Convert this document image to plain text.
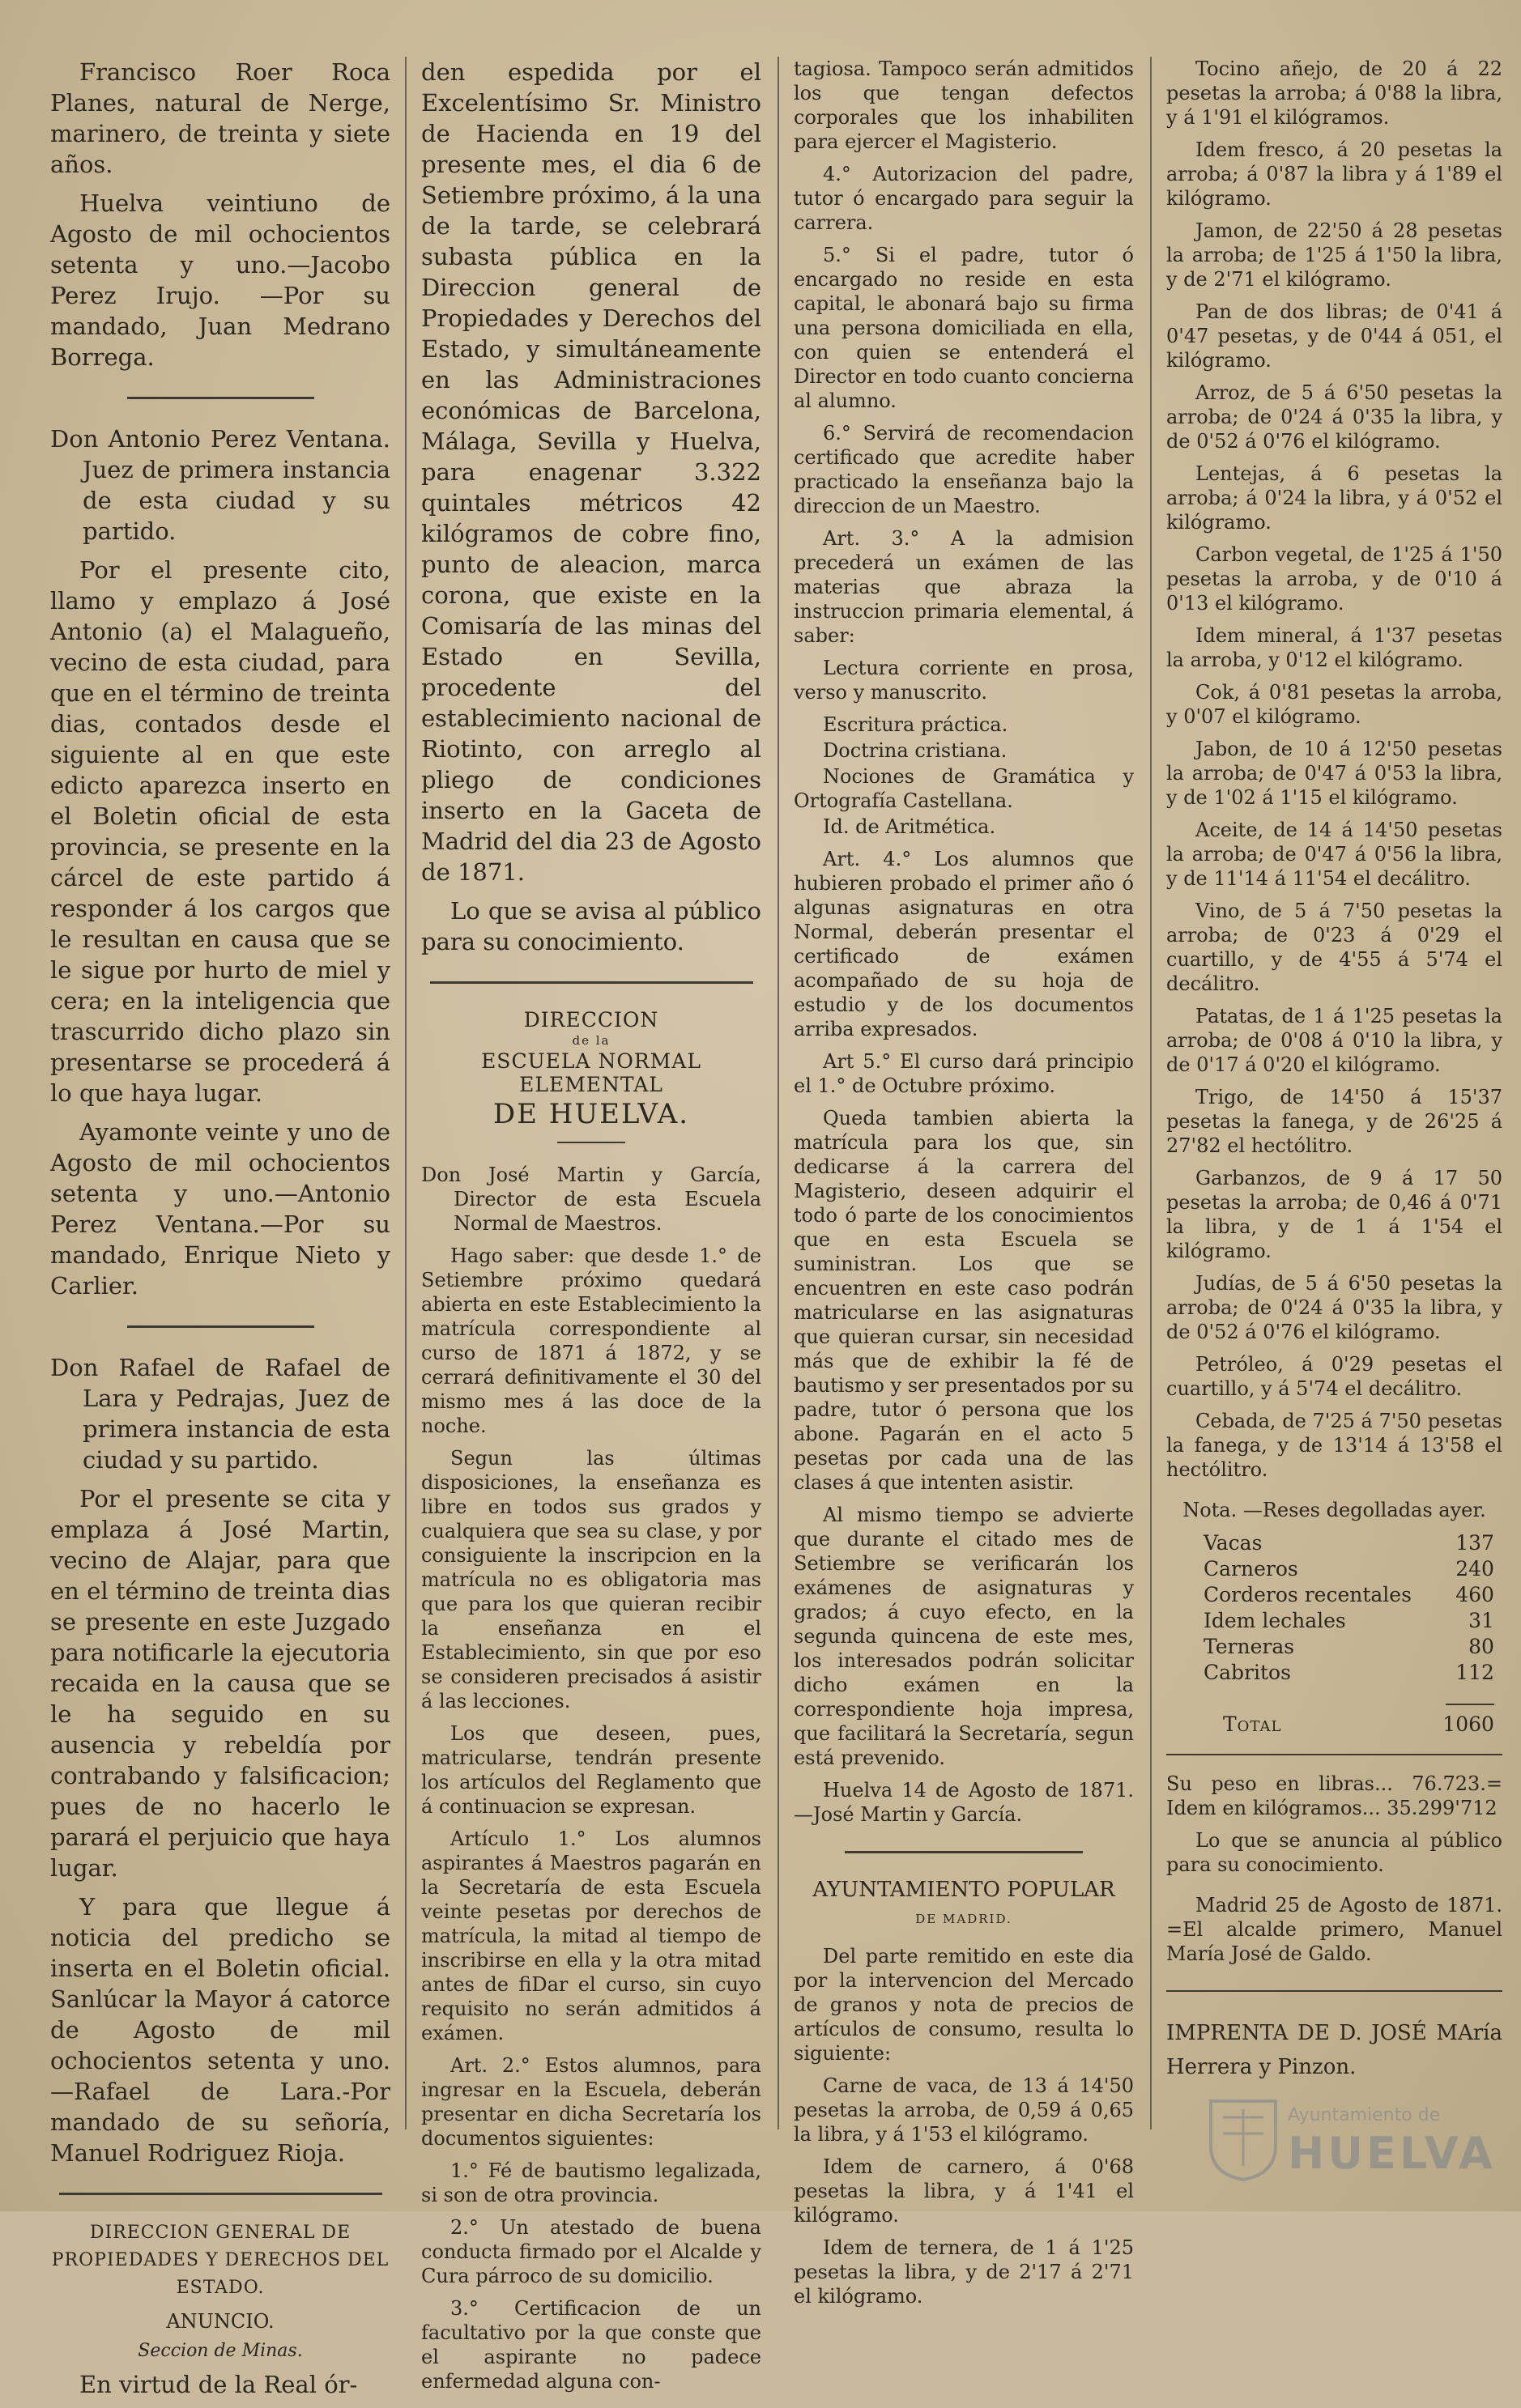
Francisco Roer Roca Planes, natural de Nerge, marinero, de treinta y siete años.

Huelva veintiuno de Agosto de mil ochocientos setenta y uno.—Jacobo Perez Irujo. —Por su mandado, Juan Medrano Borrega.

Don Antonio Perez Ventana. Juez de primera instancia de esta ciudad y su partido.

Por el presente cito, llamo y emplazo á José Antonio (a) el Malagueño, vecino de esta ciudad, para que en el término de treinta dias, contados desde el siguiente al en que este edicto aparezca inserto en el Boletin oficial de esta provincia, se presente en la cárcel de este partido á responder á los cargos que le resultan en causa que se le sigue por hurto de miel y cera; en la inteligencia que trascurrido dicho plazo sin presentarse se procederá á lo que haya lugar.

Ayamonte veinte y uno de Agosto de mil ochocientos setenta y uno.—Antonio Perez Ventana.—Por su mandado, Enrique Nieto y Carlier.

Don Rafael de Rafael de Lara y Pedrajas, Juez de primera instancia de esta ciudad y su partido.

Por el presente se cita y emplaza á José Martin, vecino de Alajar, para que en el término de treinta dias se presente en este Juzgado para notificarle la ejecutoria recaida en la causa que se le ha seguido en su ausencia y rebeldía por contrabando y falsificacion; pues de no hacerlo le parará el perjuicio que haya lugar.

Y para que llegue á noticia del predicho se inserta en el Boletin oficial. Sanlúcar la Mayor á catorce de Agosto de mil ochocientos setenta y uno. —Rafael de Lara.-Por mandado de su señoría, Manuel Rodriguez Rioja.

DIRECCION GENERAL DE PROPIEDADES Y DERECHOS DEL ESTADO.

ANUNCIO.

Seccion de Minas.

En virtud de la Real ór-

den espedida por el Excelentísimo Sr. Ministro de Hacienda en 19 del presente mes, el dia 6 de Setiembre próximo, á la una de la tarde, se celebrará subasta pública en la Direccion general de Propiedades y Derechos del Estado, y simultáneamente en las Administraciones económicas de Barcelona, Málaga, Sevilla y Huelva, para enagenar 3.322 quintales métricos 42 kilógramos de cobre fino, punto de aleacion, marca corona, que existe en la Comisaría de las minas del Estado en Sevilla, procedente del establecimiento nacional de Riotinto, con arreglo al pliego de condiciones inserto en la Gaceta de Madrid del dia 23 de Agosto de 1871.

Lo que se avisa al público para su conocimiento.

DIRECCION

de la

ESCUELA NORMAL ELEMENTAL

DE HUELVA.

Don José Martin y García, Director de esta Escuela Normal de Maestros.

Hago saber: que desde 1.° de Setiembre próximo quedará abierta en este Establecimiento la matrícula correspondiente al curso de 1871 á 1872, y se cerrará definitivamente el 30 del mismo mes á las doce de la noche.

Segun las últimas disposiciones, la enseñanza es libre en todos sus grados y cualquiera que sea su clase, y por consiguiente la inscripcion en la matrícula no es obligatoria mas que para los que quieran recibir la enseñanza en el Establecimiento, sin que por eso se consideren precisados á asistir á las lecciones.

Los que deseen, pues, matricularse, tendrán presente los artículos del Reglamento que á continuacion se expresan.

Artículo 1.° Los alumnos aspirantes á Maestros pagarán en la Secretaría de esta Escuela veinte pesetas por derechos de matrícula, la mitad al tiempo de inscribirse en ella y la otra mitad antes de fiDar el curso, sin cuyo requisito no serán admitidos á exámen.

Art. 2.° Estos alumnos, para ingresar en la Escuela, deberán presentar en dicha Secretaría los documentos siguientes:

1.° Fé de bautismo legalizada, si son de otra provincia.

2.° Un atestado de buena conducta firmado por el Alcalde y Cura párroco de su domicilio.

3.° Certificacion de un facultativo por la que conste que el aspirante no padece enfermedad alguna con-

tagiosa. Tampoco serán admitidos los que tengan defectos corporales que los inhabiliten para ejercer el Magisterio.

4.° Autorizacion del padre, tutor ó encargado para seguir la carrera.

5.° Si el padre, tutor ó encargado no reside en esta capital, le abonará bajo su firma una persona domiciliada en ella, con quien se entenderá el Director en todo cuanto concierna al alumno.

6.° Servirá de recomendacion certificado que acredite haber practicado la enseñanza bajo la direccion de un Maestro.

Art. 3.° A la admision precederá un exámen de las materias que abraza la instruccion primaria elemental, á saber:

Lectura corriente en prosa, verso y manuscrito.

Escritura práctica.

Doctrina cristiana.

Nociones de Gramática y Ortografía Castellana.

Id. de Aritmética.

Art. 4.° Los alumnos que hubieren probado el primer año ó algunas asignaturas en otra Normal, deberán presentar el certificado de exámen acompañado de su hoja de estudio y de los documentos arriba expresados.

Art 5.° El curso dará principio el 1.° de Octubre próximo.

Queda tambien abierta la matrícula para los que, sin dedicarse á la carrera del Magisterio, deseen adquirir el todo ó parte de los conocimientos que en esta Escuela se suministran. Los que se encuentren en este caso podrán matricularse en las asignaturas que quieran cursar, sin necesidad más que de exhibir la fé de bautismo y ser presentados por su padre, tutor ó persona que los abone. Pagarán en el acto 5 pesetas por cada una de las clases á que intenten asistir.

Al mismo tiempo se advierte que durante el citado mes de Setiembre se verificarán los exámenes de asignaturas y grados; á cuyo efecto, en la segunda quincena de este mes, los interesados podrán solicitar dicho exámen en la correspondiente hoja impresa, que facilitará la Secretaría, segun está prevenido.

Huelva 14 de Agosto de 1871. —José Martin y García.

AYUNTAMIENTO POPULAR

DE MADRID.

Del parte remitido en este dia por la intervencion del Mercado de granos y nota de precios de artículos de consumo, resulta lo siguiente:

Carne de vaca, de 13 á 14'50 pesetas la arroba, de 0,59 á 0,65 la libra, y á 1'53 el kilógramo.

Idem de carnero, á 0'68 pesetas la libra, y á 1'41 el kilógramo.

Idem de ternera, de 1 á 1'25 pesetas la libra, y de 2'17 á 2'71 el kilógramo.

Tocino añejo, de 20 á 22 pesetas la arroba; á 0'88 la libra, y á 1'91 el kilógramos.

Idem fresco, á 20 pesetas la arroba; á 0'87 la libra y á 1'89 el kilógramo.

Jamon, de 22'50 á 28 pesetas la arroba; de 1'25 á 1'50 la libra, y de 2'71 el kilógramo.

Pan de dos libras; de 0'41 á 0'47 pesetas, y de 0'44 á 051, el kilógramo.

Arroz, de 5 á 6'50 pesetas la arroba; de 0'24 á 0'35 la libra, y de 0'52 á 0'76 el kilógramo.

Lentejas, á 6 pesetas la arroba; á 0'24 la libra, y á 0'52 el kilógramo.

Carbon vegetal, de 1'25 á 1'50 pesetas la arroba, y de 0'10 á 0'13 el kilógramo.

Idem mineral, á 1'37 pesetas la arroba, y 0'12 el kilógramo.

Cok, á 0'81 pesetas la arroba, y 0'07 el kilógramo.

Jabon, de 10 á 12'50 pesetas la arroba; de 0'47 á 0'53 la libra, y de 1'02 á 1'15 el kilógramo.

Aceite, de 14 á 14'50 pesetas la arroba; de 0'47 á 0'56 la libra, y de 11'14 á 11'54 el decálitro.

Vino, de 5 á 7'50 pesetas la arroba; de 0'23 á 0'29 el cuartillo, y de 4'55 á 5'74 el decálitro.

Patatas, de 1 á 1'25 pesetas la arroba; de 0'08 á 0'10 la libra, y de 0'17 á 0'20 el kilógramo.

Trigo, de 14'50 á 15'37 pesetas la fanega, y de 26'25 á 27'82 el hectólitro.

Garbanzos, de 9 á 17 50 pesetas la arroba; de 0,46 á 0'71 la libra, y de 1 á 1'54 el kilógramo.

Judías, de 5 á 6'50 pesetas la arroba; de 0'24 á 0'35 la libra, y de 0'52 á 0'76 el kilógramo.

Petróleo, á 0'29 pesetas el cuartillo, y á 5'74 el decálitro.

Cebada, de 7'25 á 7'50 pesetas la fanega, y de 13'14 á 13'58 el hectólitro.

Nota. —Reses degolladas ayer.

Vacas	137
Carneros	240
Corderos recentales	460
Idem lechales	31
Terneras	80
Cabritos	112

Total	1060

Su peso en libras... 76.723.= Idem en kilógramos... 35.299'712

Lo que se anuncia al público para su conocimiento.

Madrid 25 de Agosto de 1871. =El alcalde primero, Manuel María José de Galdo.

IMPRENTA DE D. JOSÉ MAría Herrera y Pinzon.

Ayuntamiento de
HUELVA
